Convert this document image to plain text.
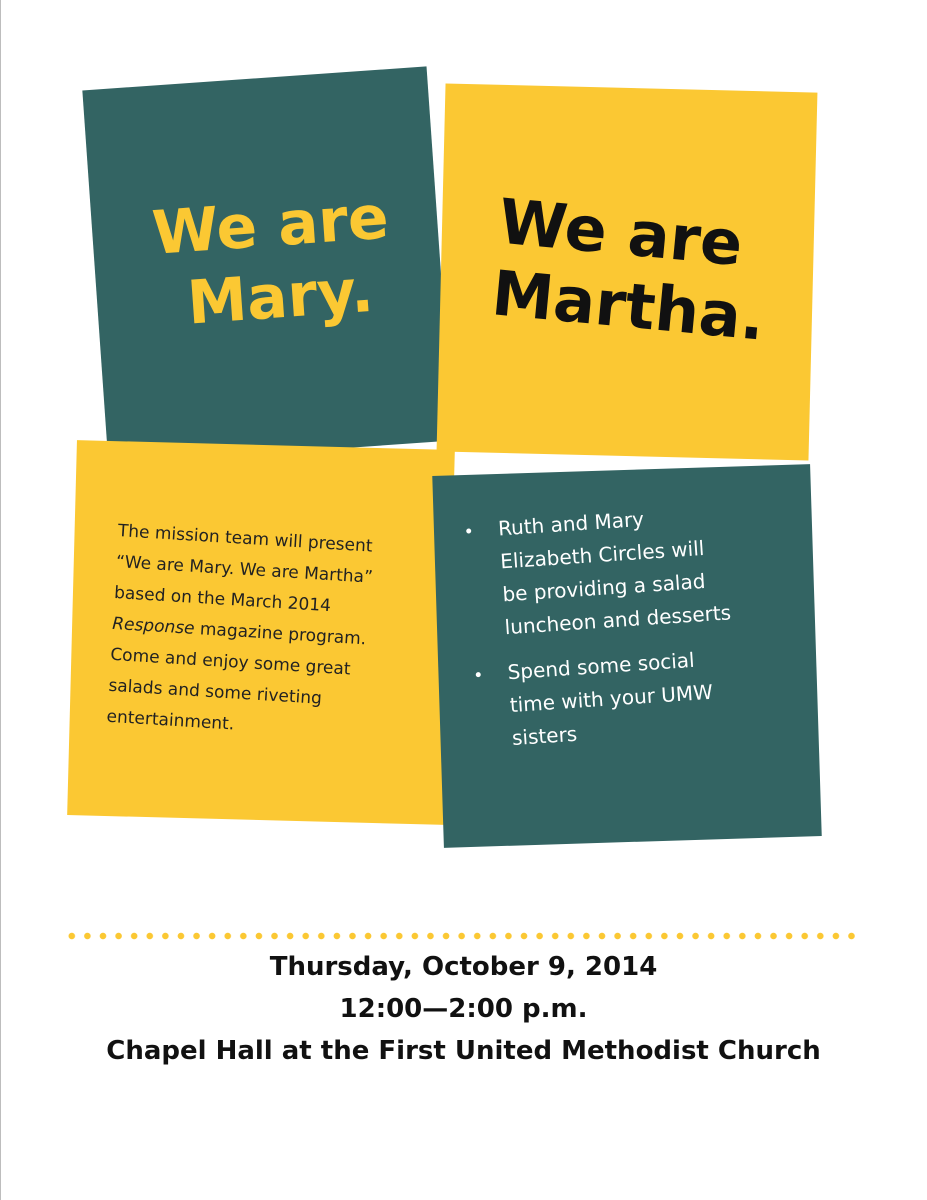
We are
Mary.
We are
Martha.

The mission team will present
“We are Mary. We are Martha”
based on the March 2014
Response magazine program.
Come and enjoy some great
salads and some riveting
entertainment.

Ruth and Mary
Elizabeth Circles will
be providing a salad
luncheon and desserts
Spend some social
time with your UMW
sisters

Thursday, October 9, 2014

12:00—2:00 p.m.

Chapel Hall at the First United Methodist Church
